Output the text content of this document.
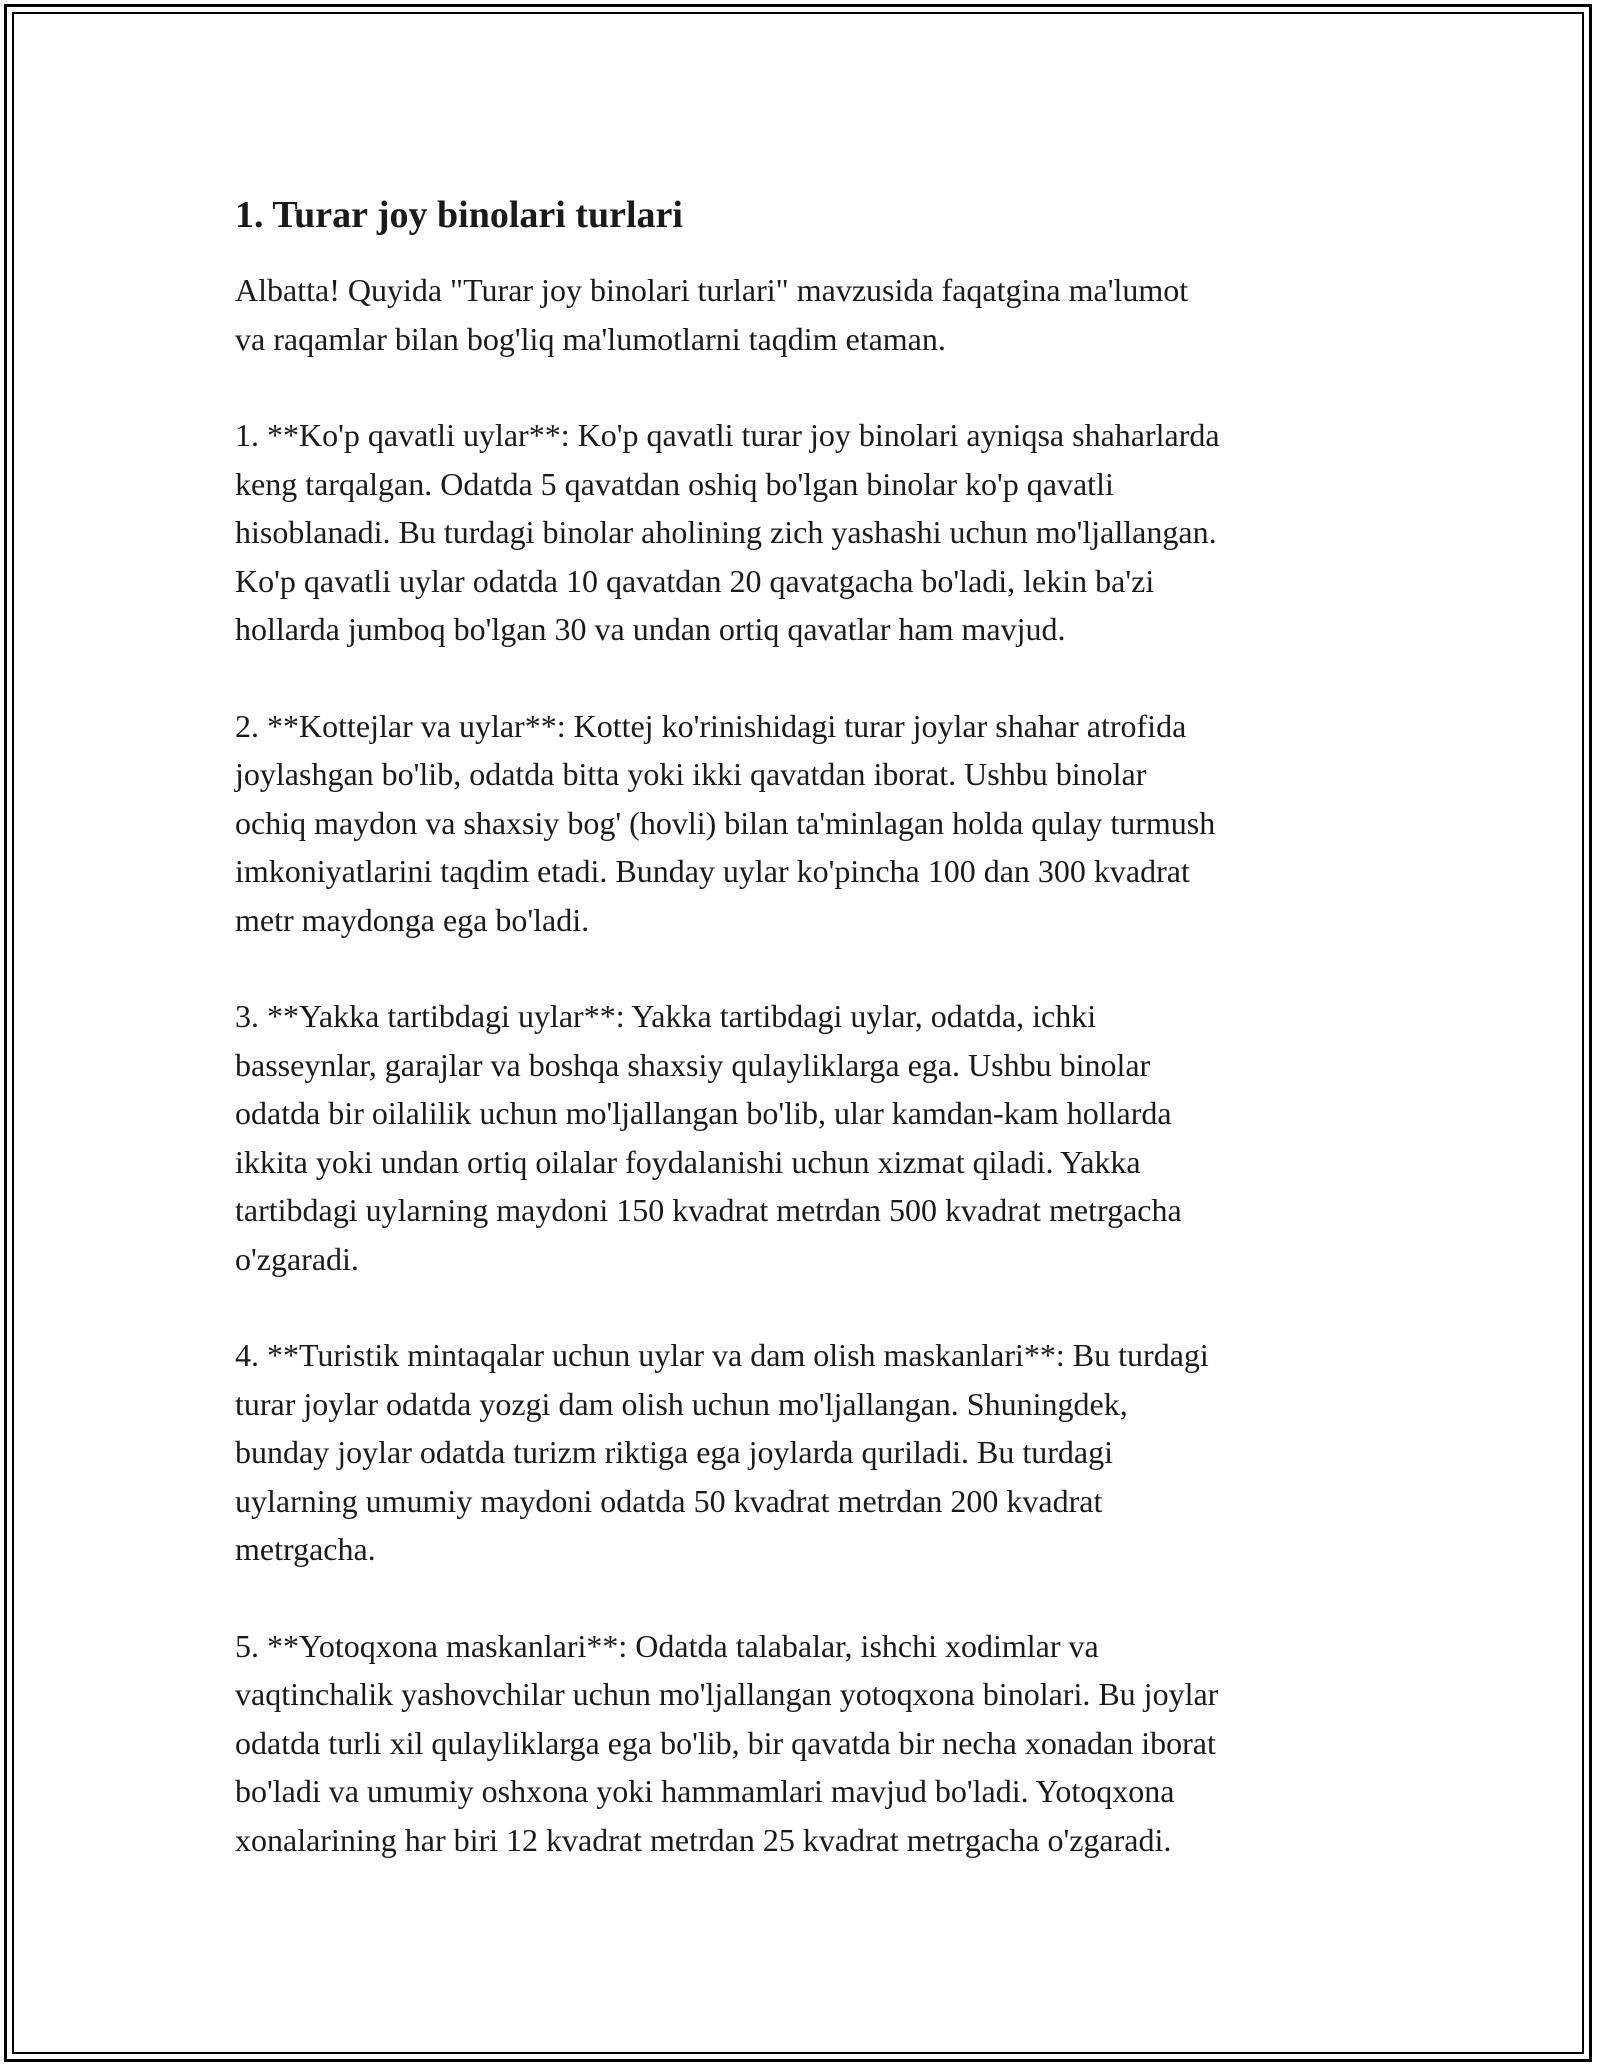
1. Turar joy binolari turlari

Albatta! Quyida "Turar joy binolari turlari" mavzusida faqatgina ma'lumot
va raqamlar bilan bog'liq ma'lumotlarni taqdim etaman.

1. **Ko'p qavatli uylar**: Ko'p qavatli turar joy binolari ayniqsa shaharlarda
keng tarqalgan. Odatda 5 qavatdan oshiq bo'lgan binolar ko'p qavatli
hisoblanadi. Bu turdagi binolar aholining zich yashashi uchun mo'ljallangan.
Ko'p qavatli uylar odatda 10 qavatdan 20 qavatgacha bo'ladi, lekin ba'zi
hollarda jumboq bo'lgan 30 va undan ortiq qavatlar ham mavjud.

2. **Kottejlar va uylar**: Kottej ko'rinishidagi turar joylar shahar atrofida
joylashgan bo'lib, odatda bitta yoki ikki qavatdan iborat. Ushbu binolar
ochiq maydon va shaxsiy bog' (hovli) bilan ta'minlagan holda qulay turmush
imkoniyatlarini taqdim etadi. Bunday uylar ko'pincha 100 dan 300 kvadrat
metr maydonga ega bo'ladi.

3. **Yakka tartibdagi uylar**: Yakka tartibdagi uylar, odatda, ichki
basseynlar, garajlar va boshqa shaxsiy qulayliklarga ega. Ushbu binolar
odatda bir oilalilik uchun mo'ljallangan bo'lib, ular kamdan-kam hollarda
ikkita yoki undan ortiq oilalar foydalanishi uchun xizmat qiladi. Yakka
tartibdagi uylarning maydoni 150 kvadrat metrdan 500 kvadrat metrgacha
o'zgaradi.

4. **Turistik mintaqalar uchun uylar va dam olish maskanlari**: Bu turdagi
turar joylar odatda yozgi dam olish uchun mo'ljallangan. Shuningdek,
bunday joylar odatda turizm riktiga ega joylarda quriladi. Bu turdagi
uylarning umumiy maydoni odatda 50 kvadrat metrdan 200 kvadrat
metrgacha.

5. **Yotoqxona maskanlari**: Odatda talabalar, ishchi xodimlar va
vaqtinchalik yashovchilar uchun mo'ljallangan yotoqxona binolari. Bu joylar
odatda turli xil qulayliklarga ega bo'lib, bir qavatda bir necha xonadan iborat
bo'ladi va umumiy oshxona yoki hammamlari mavjud bo'ladi. Yotoqxona
xonalarining har biri 12 kvadrat metrdan 25 kvadrat metrgacha o'zgaradi.
